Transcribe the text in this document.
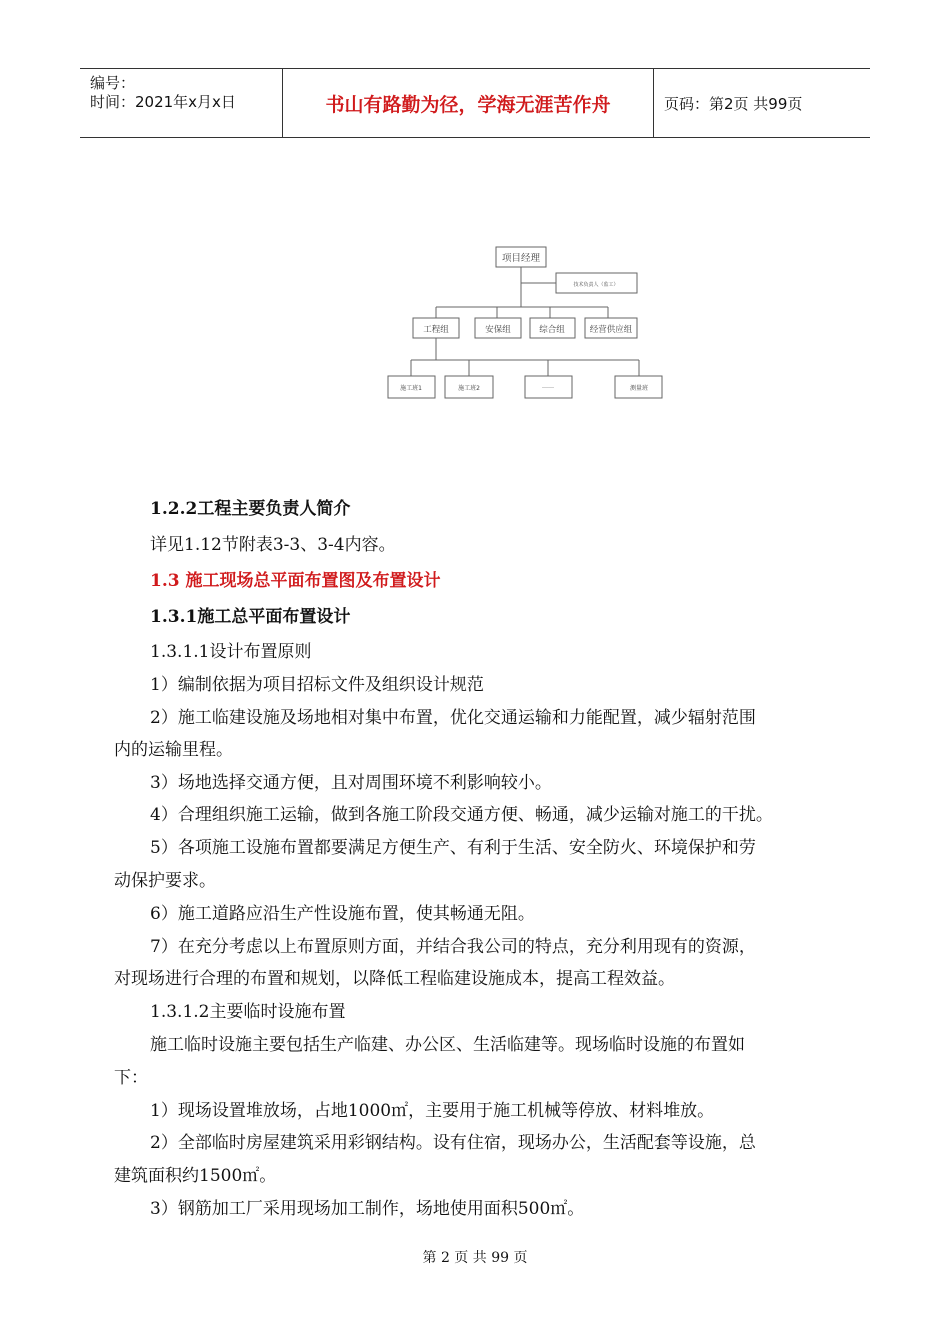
编号：
时间：2021年x月x日	书山有路勤为径，学海无涯苦作舟	页码：第2页 共99页
项目经理
技术负责人（监工）
工程组	安保组	综合组	经营供应组
施工班1	施工班2	……	测量班
1.2.2工程主要负责人简介
详见1.12节附表3-3、3-4内容。
1.3 施工现场总平面布置图及布置设计
1.3.1施工总平面布置设计
1.3.1.1设计布置原则
1）编制依据为项目招标文件及组织设计规范
2）施工临建设施及场地相对集中布置，优化交通运输和力能配置，减少辐射范围
内的运输里程。
3）场地选择交通方便，且对周围环境不利影响较小。
4）合理组织施工运输，做到各施工阶段交通方便、畅通，减少运输对施工的干扰。
5）各项施工设施布置都要满足方便生产、有利于生活、安全防火、环境保护和劳
动保护要求。
6）施工道路应沿生产性设施布置，使其畅通无阻。
7）在充分考虑以上布置原则方面，并结合我公司的特点，充分利用现有的资源，
对现场进行合理的布置和规划，以降低工程临建设施成本，提高工程效益。
1.3.1.2主要临时设施布置
施工临时设施主要包括生产临建、办公区、生活临建等。现场临时设施的布置如
下：
1）现场设置堆放场，占地1000㎡，主要用于施工机械等停放、材料堆放。
2）全部临时房屋建筑采用彩钢结构。设有住宿，现场办公，生活配套等设施，总
建筑面积约1500㎡。
3）钢筋加工厂采用现场加工制作，场地使用面积500㎡。
第 2 页 共 99 页
